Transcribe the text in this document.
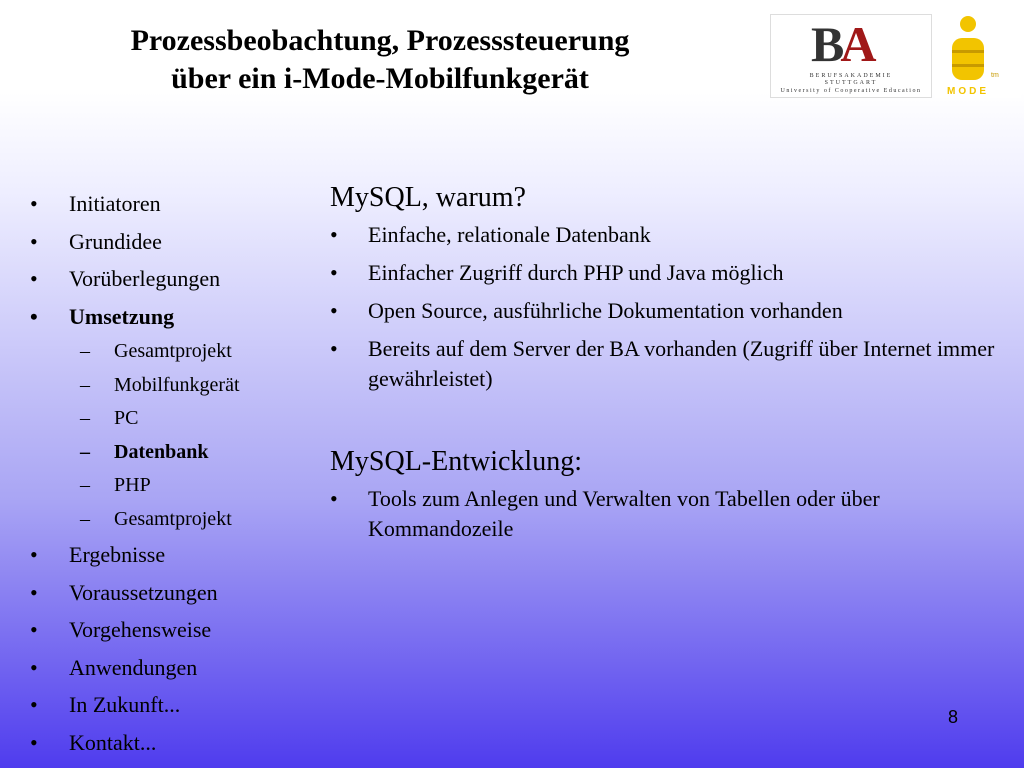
Prozessbeobachtung, Prozesssteuerung
über ein i-Mode-Mobilfunkgerät
BA
BERUFSAKADEMIE
STUTTGART
University of Cooperative Education
tm
MODE
• Initiatoren
• Grundidee
• Vorüberlegungen
• Umsetzung
– Gesamtprojekt
– Mobilfunkgerät
– PC
– Datenbank
– PHP
– Gesamtprojekt
• Ergebnisse
• Voraussetzungen
• Vorgehensweise
• Anwendungen
• In Zukunft...
• Kontakt...
MySQL, warum?
• Einfache, relationale Datenbank
• Einfacher Zugriff durch PHP und Java möglich
• Open Source, ausführliche Dokumentation vorhanden
• Bereits auf dem Server der BA vorhanden (Zugriff über Internet immer gewährleistet)
MySQL-Entwicklung:
• Tools zum Anlegen und Verwalten von Tabellen oder über Kommandozeile
8
